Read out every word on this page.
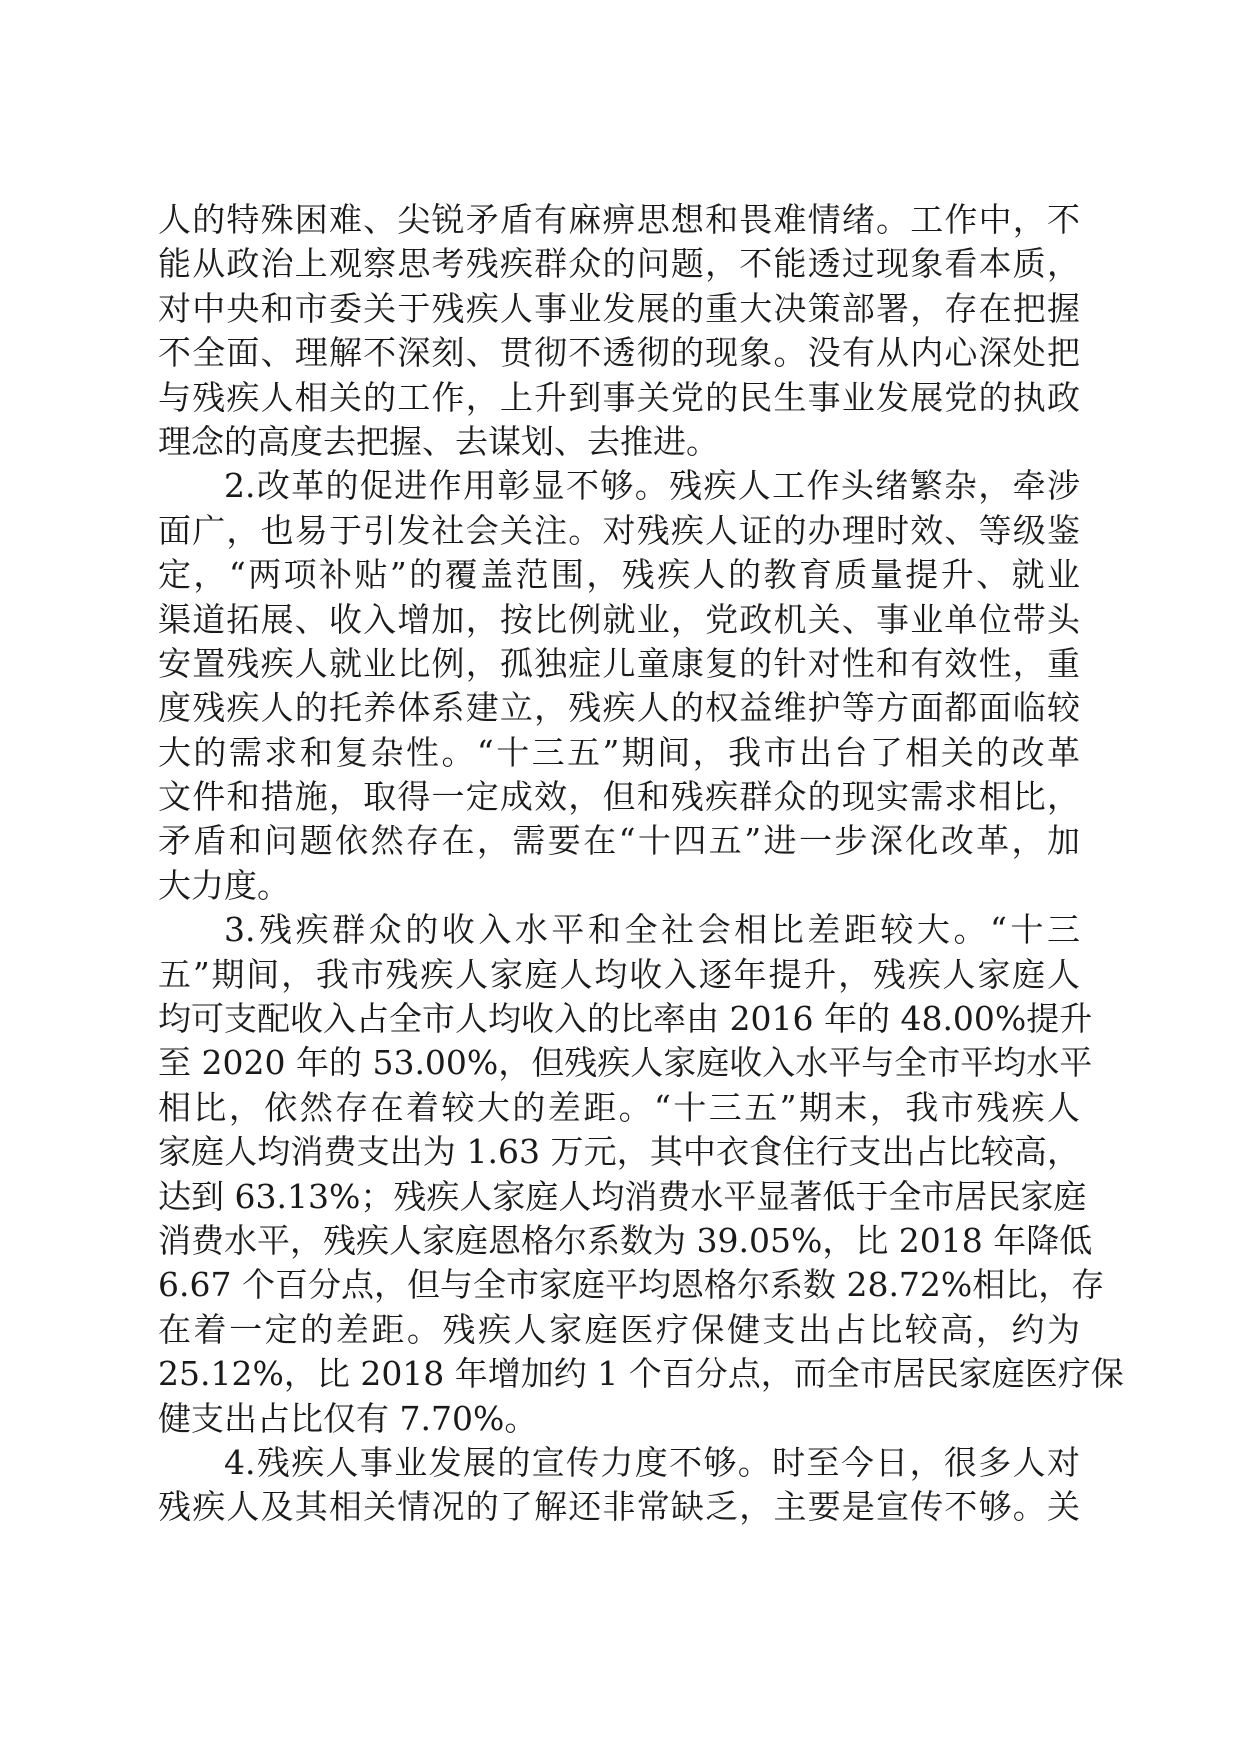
人的特殊困难、尖锐矛盾有麻痹思想和畏难情绪。工作中，不
能从政治上观察思考残疾群众的问题，不能透过现象看本质，
对中央和市委关于残疾人事业发展的重大决策部署，存在把握
不全面、理解不深刻、贯彻不透彻的现象。没有从内心深处把
与残疾人相关的工作，上升到事关党的民生事业发展党的执政
理念的高度去把握、去谋划、去推进。
2.改革的促进作用彰显不够。残疾人工作头绪繁杂，牵涉
面广，也易于引发社会关注。对残疾人证的办理时效、等级鉴
定，“两项补贴”的覆盖范围，残疾人的教育质量提升、就业
渠道拓展、收入增加，按比例就业，党政机关、事业单位带头
安置残疾人就业比例，孤独症儿童康复的针对性和有效性，重
度残疾人的托养体系建立，残疾人的权益维护等方面都面临较
大的需求和复杂性。“十三五”期间，我市出台了相关的改革
文件和措施，取得一定成效，但和残疾群众的现实需求相比，
矛盾和问题依然存在，需要在“十四五”进一步深化改革，加
大力度。
3.残疾群众的收入水平和全社会相比差距较大。“十三
五”期间，我市残疾人家庭人均收入逐年提升，残疾人家庭人
均可支配收入占全市人均收入的比率由 2016 年的 48.00%提升
至 2020 年的 53.00%，但残疾人家庭收入水平与全市平均水平
相比，依然存在着较大的差距。“十三五”期末，我市残疾人
家庭人均消费支出为 1.63 万元，其中衣食住行支出占比较高，
达到 63.13%；残疾人家庭人均消费水平显著低于全市居民家庭
消费水平，残疾人家庭恩格尔系数为 39.05%，比 2018 年降低
6.67 个百分点，但与全市家庭平均恩格尔系数 28.72%相比，存
在着一定的差距。残疾人家庭医疗保健支出占比较高，约为
25.12%，比 2018 年增加约 1 个百分点，而全市居民家庭医疗保
健支出占比仅有 7.70%。
4.残疾人事业发展的宣传力度不够。时至今日，很多人对
残疾人及其相关情况的了解还非常缺乏，主要是宣传不够。关
